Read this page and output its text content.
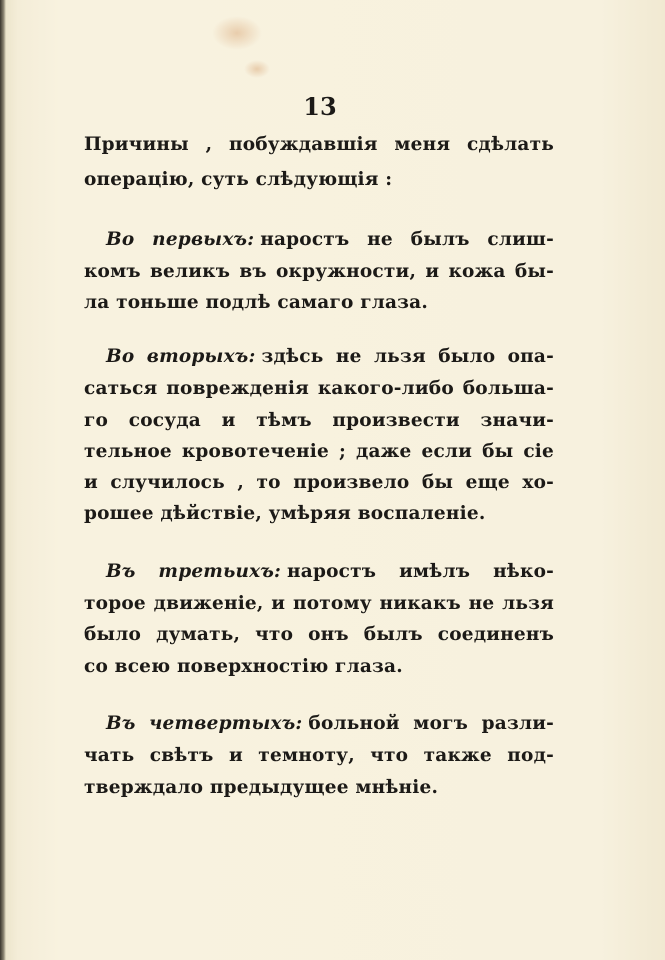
13
Причины , побуждавшія меня сдѣлать
операцію, суть слѣдующія :
Во первыхъ: наростъ не былъ слиш-
комъ великъ въ окружности, и кожа бы-
ла тоньше подлѣ самаго глаза.
Во вторыхъ: здѣсь не льзя было опа-
саться поврежденія какого-либо большa-
го сосуда и тѣмъ произвести значи-
тельное кровотеченіе ; даже если бы сіе
и случилось , то произвело бы еще хо-
рошее дѣйствіе, умѣряя воспаленіе.
Въ третьихъ: наростъ имѣлъ нѣко-
торое движеніе, и потому никакъ не льзя
было думать, что онъ былъ соединенъ
со всею поверхностію глаза.
Въ четвертыхъ: больной могъ разли-
чать свѣтъ и темноту, что также под-
тверждало предыдущее мнѣніе.
